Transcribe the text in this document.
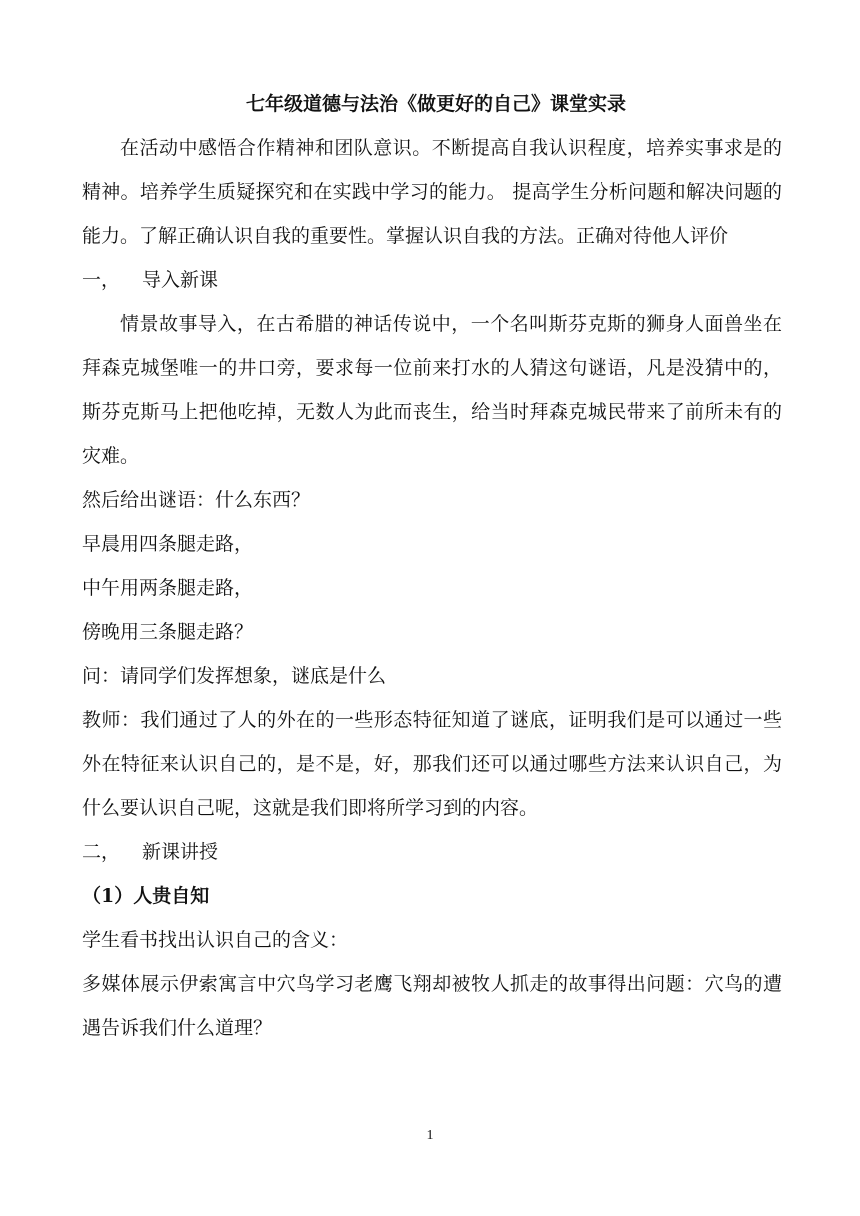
七年级道德与法治《做更好的自己》课堂实录

在活动中感悟合作精神和团队意识。不断提高自我认识程度，培养实事求是的精神。培养学生质疑探究和在实践中学习的能力。 提高学生分析问题和解决问题的能力。了解正确认识自我的重要性。掌握认识自我的方法。正确对待他人评价

一，	导入新课

情景故事导入，在古希腊的神话传说中，一个名叫斯芬克斯的狮身人面兽坐在拜森克城堡唯一的井口旁，要求每一位前来打水的人猜这句谜语，凡是没猜中的，斯芬克斯马上把他吃掉，无数人为此而丧生，给当时拜森克城民带来了前所未有的灾难。

然后给出谜语：什么东西？

早晨用四条腿走路，

中午用两条腿走路，

傍晚用三条腿走路？

问：请同学们发挥想象，谜底是什么

教师：我们通过了人的外在的一些形态特征知道了谜底，证明我们是可以通过一些外在特征来认识自己的，是不是，好，那我们还可以通过哪些方法来认识自己，为什么要认识自己呢，这就是我们即将所学习到的内容。

二，	新课讲授

（1）人贵自知

学生看书找出认识自己的含义：

多媒体展示伊索寓言中穴鸟学习老鹰飞翔却被牧人抓走的故事得出问题：穴鸟的遭遇告诉我们什么道理？

1
